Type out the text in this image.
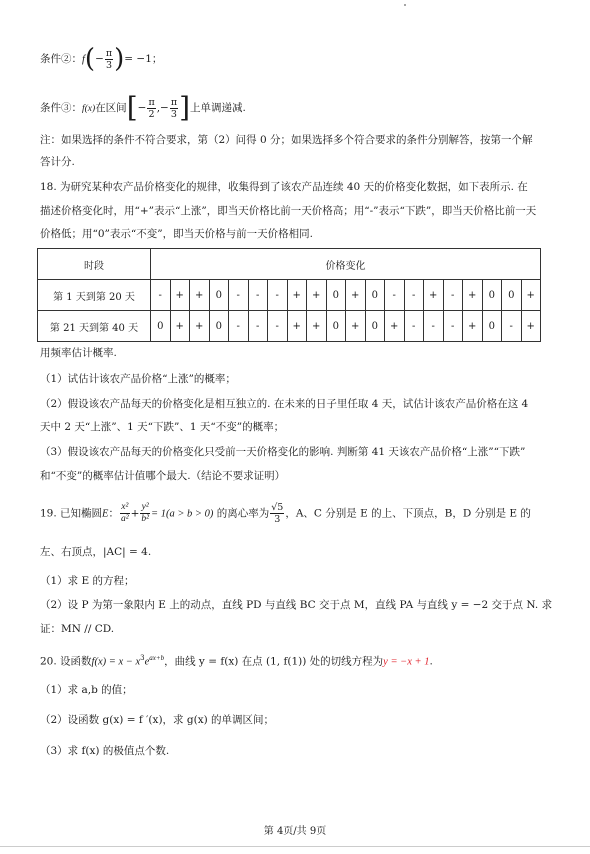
条件②：$f(- \frac{\pi}{3}$ )= −1；
条件③：f(x)在区间[− $\frac{\pi}{2}$ ,− $\frac{\pi}{3}$ ]上单调递减.
注：如果选择的条件不符合要求，第（2）问得 0 分；如果选择多个符合要求的条件分别解答，按第一个解
答计分.
18. 为研究某种农产品价格变化的规律，收集得到了该农产品连续 40 天的价格变化数据，如下表所示. 在
描述价格变化时，用“+”表示“上涨”，即当天价格比前一天价格高；用“-”表示“下跌”，即当天价格比前一天
价格低；用“0”表示“不变”，即当天价格与前一天价格相同.
时段	价格变化																			
第 1 天到第 20 天	-	+	+	0	-	-	-	+	+	0	+	0	-	-	+	-	+	0	0	+
第 21 天到第 40 天	0	+	+	0	-	-	-	+	+	0	+	0	+	-	-	-	+	0	-	+
用频率估计概率.
（1）试估计该农产品价格“上涨”的概率；
（2）假设该农产品每天的价格变化是相互独立的. 在未来的日子里任取 4 天，试估计该农产品价格在这 4
天中 2 天“上涨”、1 天“下跌”、1 天“不变”的概率；
（3）假设该农产品每天的价格变化只受前一天价格变化的影响. 判断第 41 天该农产品价格“上涨”“下跌”
和“不变”的概率估计值哪个最大.（结论不要求证明）
19. 已知椭圆E： $\frac{\text{x²}}{\text{a²}} + \frac{\text{y²}}{\text{b²}} = 1(a > b > 0)$ 的离心率为 $\frac{√5}{3}$ ，A、C 分别是 E 的上、下顶点，B，D 分别是 E 的
左、右顶点，|AC| = 4.
（1）求 E 的方程；
（2）设 P 为第一象限内 E 上的动点，直线 PD 与直线 BC 交于点 M，直线 PA 与直线 y = −2 交于点 N. 求
证：MN // CD.
20. 设函数$f(x) = x - x^3e^{ax+b}$，曲线 y = f(x) 在点 (1, f(1)) 处的切线方程为y = −x + 1.
（1）求 a,b 的值；
（2）设函数 g(x) = f ′(x)，求 g(x) 的单调区间；
（3）求 f(x) 的极值点个数.
第 4页/共 9页
